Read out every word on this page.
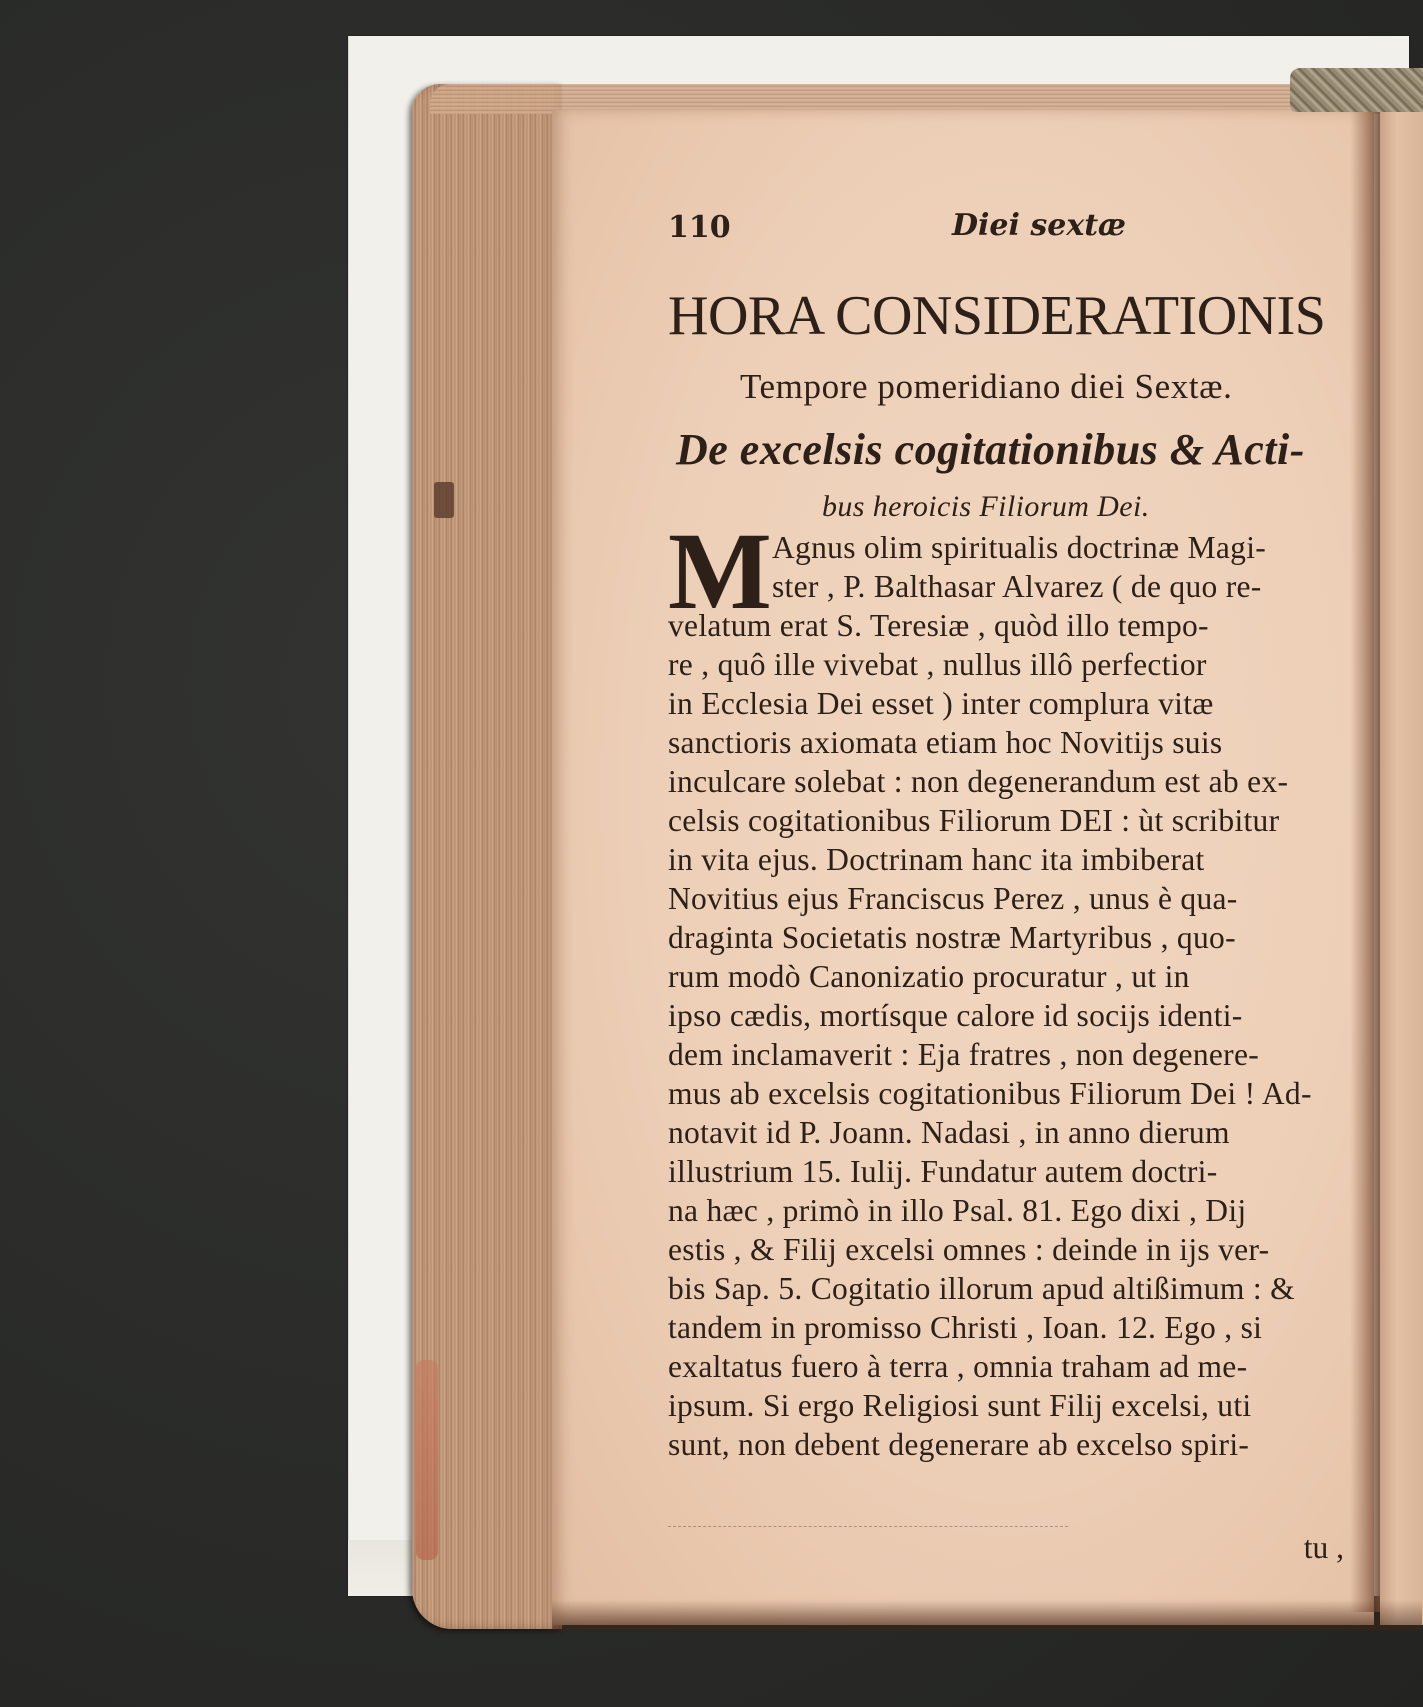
110	Diei sextæ
HORA CONSIDERATIONIS
Tempore pomeridiano diei Sextæ.
De excelsis cogitationibus & Acti-
bus heroicis Filiorum Dei.
M Agnus olim spiritualis doctrinæ Magi-
ster , P. Balthasar Alvarez ( de quo re-
velatum erat S. Teresiæ , quòd illo tempo-
re , quô ille vivebat , nullus illô perfectior
in Ecclesia Dei esset ) inter complura vitæ
sanctioris axiomata etiam hoc Novitijs suis
inculcare solebat : non degenerandum est ab ex-
celsis cogitationibus Filiorum DEI : ùt scribitur
in vita ejus. Doctrinam hanc ita imbiberat
Novitius ejus Franciscus Perez , unus è qua-
draginta Societatis nostræ Martyribus , quo-
rum modò Canonizatio procuratur , ut in
ipso cædis, mortísque calore id socijs identi-
dem inclamaverit : Eja fratres , non degenere-
mus ab excelsis cogitationibus Filiorum Dei ! Ad-
notavit id P. Joann. Nadasi , in anno dierum
illustrium 15. Iulij. Fundatur autem doctri-
na hæc , primò in illo Psal. 81. Ego dixi , Dij
estis , & Filij excelsi omnes : deinde in ijs ver-
bis Sap. 5. Cogitatio illorum apud altißimum : &
tandem in promisso Christi , Ioan. 12. Ego , si
exaltatus fuero à terra , omnia traham ad me-
ipsum. Si ergo Religiosi sunt Filij excelsi, uti
sunt, non debent degenerare ab excelso spiri-
tu ,
